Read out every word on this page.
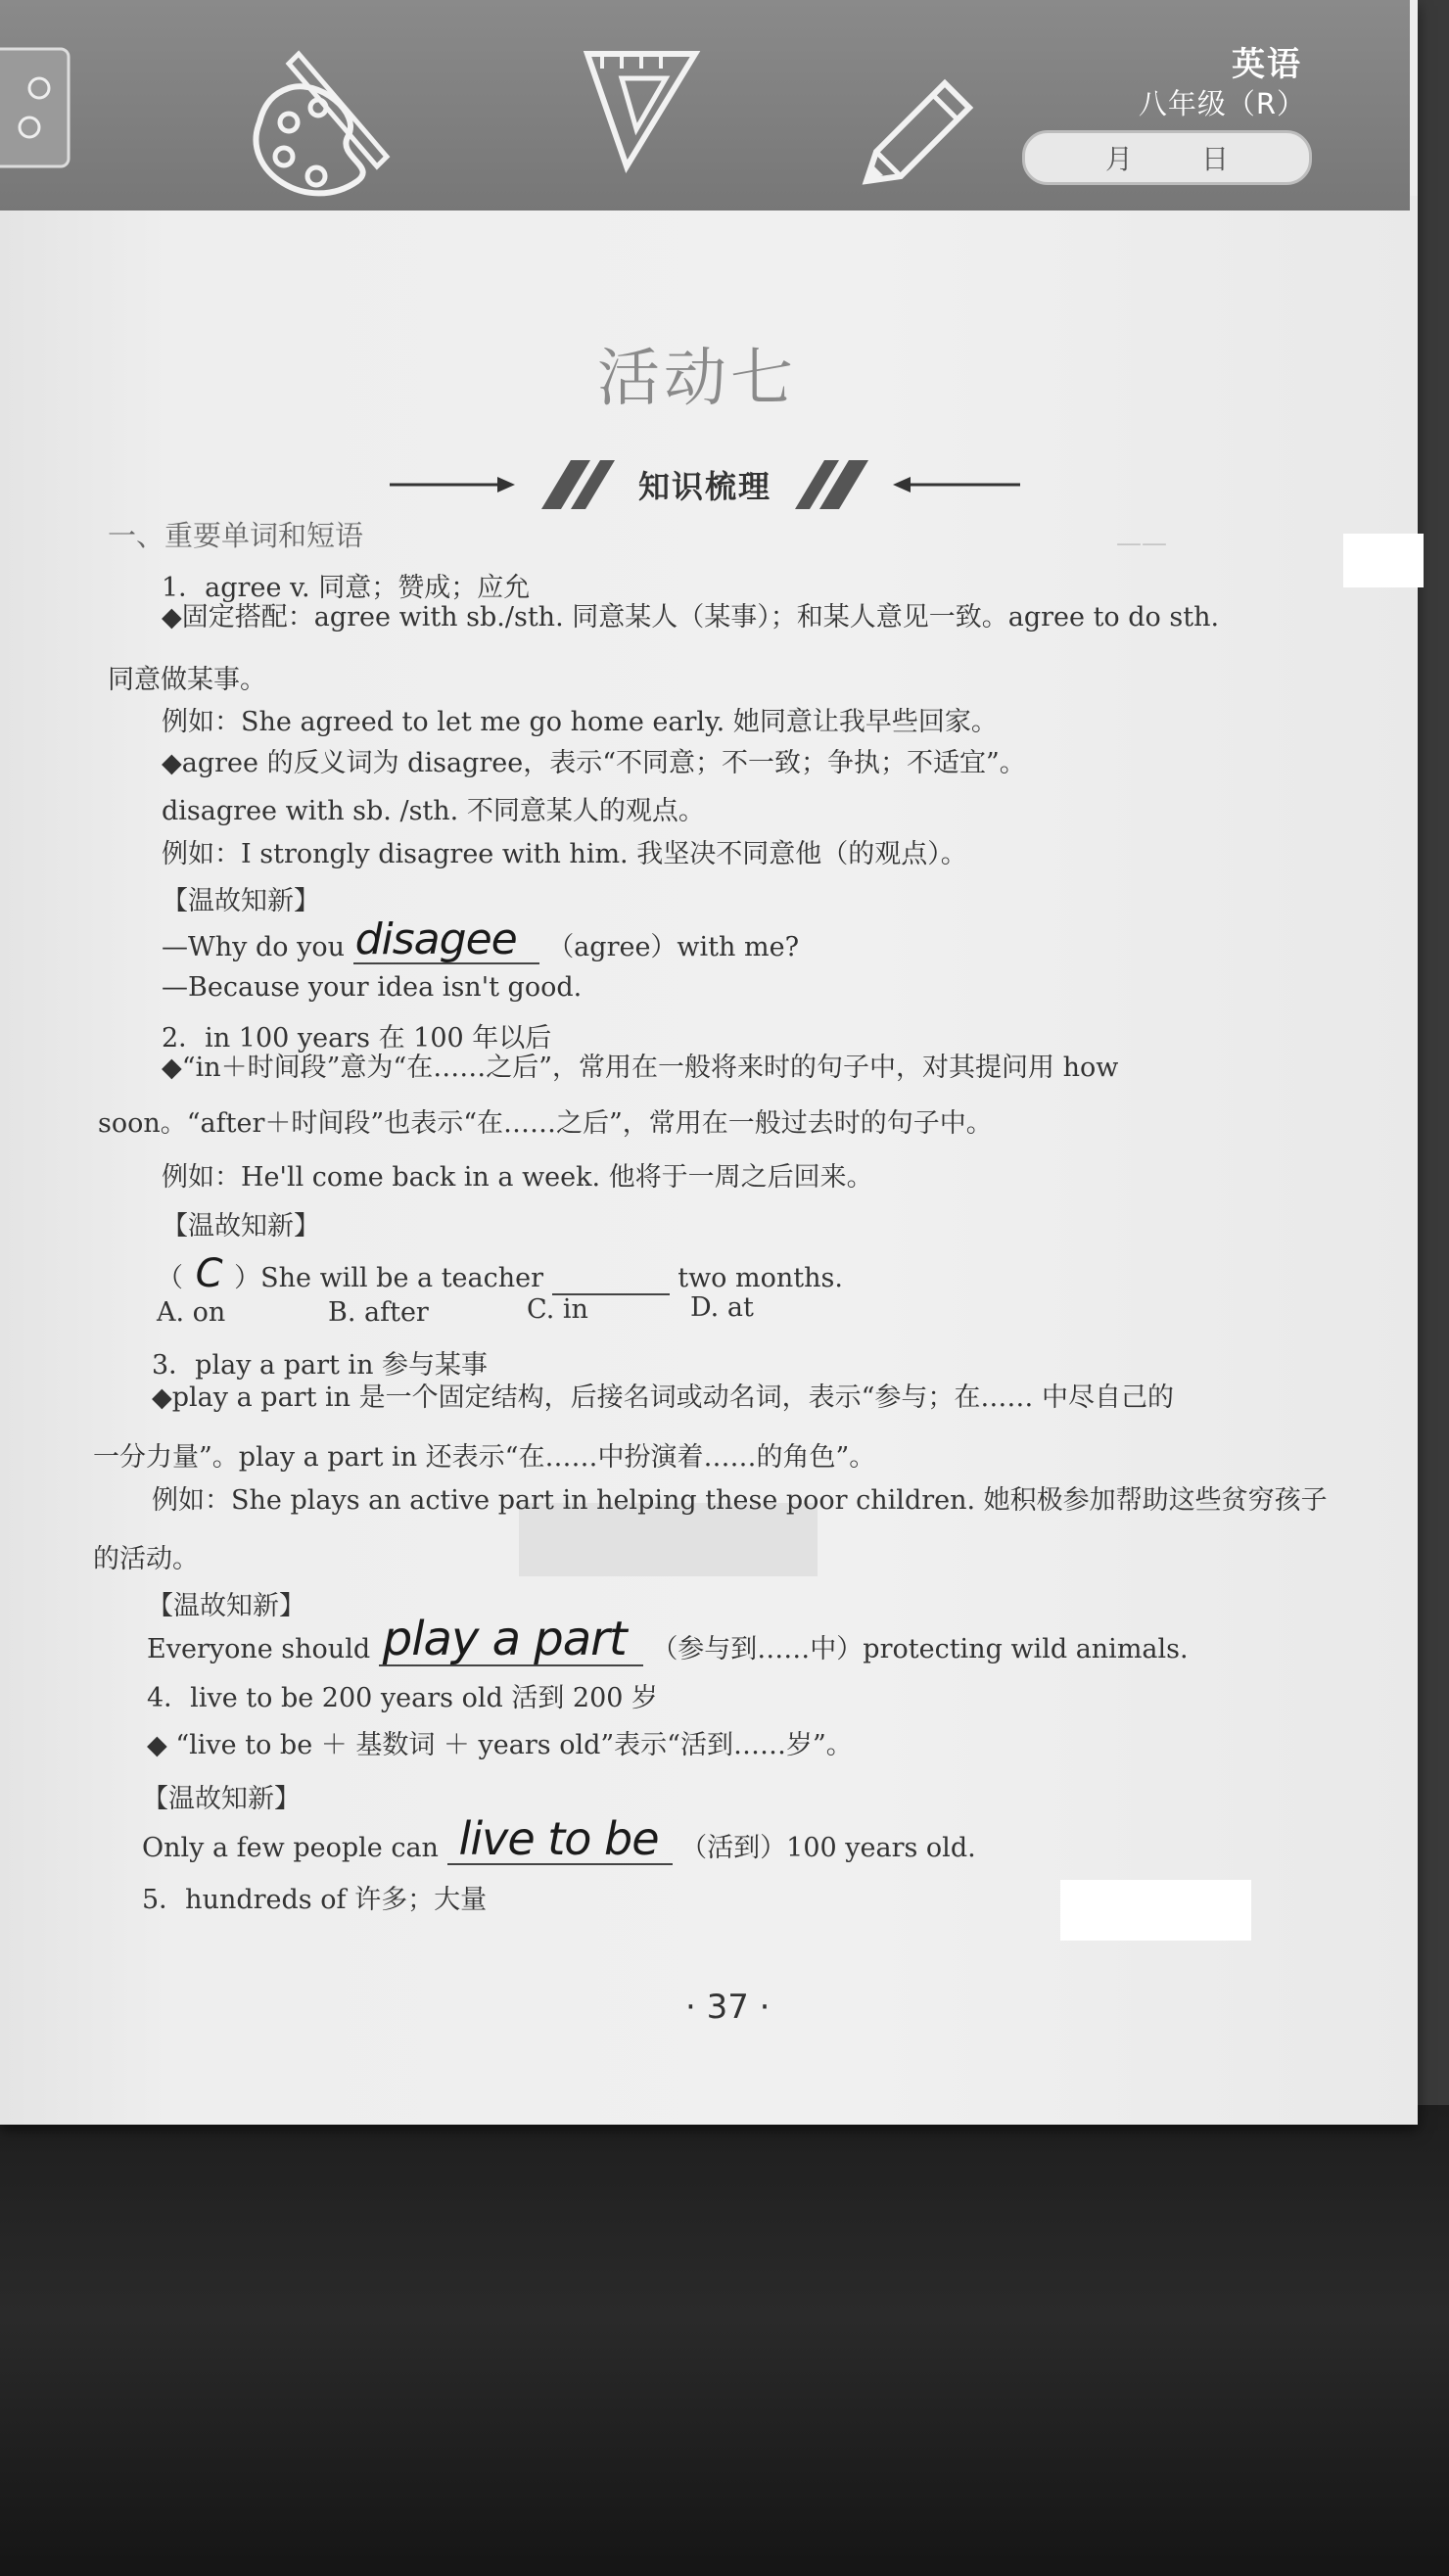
英语
八年级（R）
月	日
——
活动七
知识梳理
一、重要单词和短语
1．agree v. 同意；赞成；应允
◆固定搭配：agree with sb./sth. 同意某人（某事）；和某人意见一致。agree to do sth.
同意做某事。
例如：She agreed to let me go home early. 她同意让我早些回家。
◆agree 的反义词为 disagree，表示“不同意；不一致；争执；不适宜”。
disagree with sb. /sth. 不同意某人的观点。
例如：I strongly disagree with him. 我坚决不同意他（的观点）。
【温故知新】
—Why do you disagee （agree）with me?
—Because your idea isn't good.
2．in 100 years 在 100 年以后
◆“in＋时间段”意为“在……之后”，常用在一般将来时的句子中，对其提问用 how
soon。“after＋时间段”也表示“在……之后”，常用在一般过去时的句子中。
例如：He'll come back in a week. 他将于一周之后回来。
【温故知新】
（ C ）She will be a teacher	two months.
A. on	B. after	C. in	D. at
3．play a part in 参与某事
◆play a part in 是一个固定结构，后接名词或动名词，表示“参与；在…… 中尽自己的
一分力量”。play a part in 还表示“在……中扮演着……的角色”。
例如：She plays an active part in helping these poor children. 她积极参加帮助这些贫穷孩子
的活动。
【温故知新】
Everyone should play a part （参与到……中）protecting wild animals.
4．live to be 200 years old 活到 200 岁
◆ “live to be ＋ 基数词 ＋ years old”表示“活到……岁”。
【温故知新】
Only a few people can live to be （活到）100 years old.
5．hundreds of 许多；大量
· 37 ·
